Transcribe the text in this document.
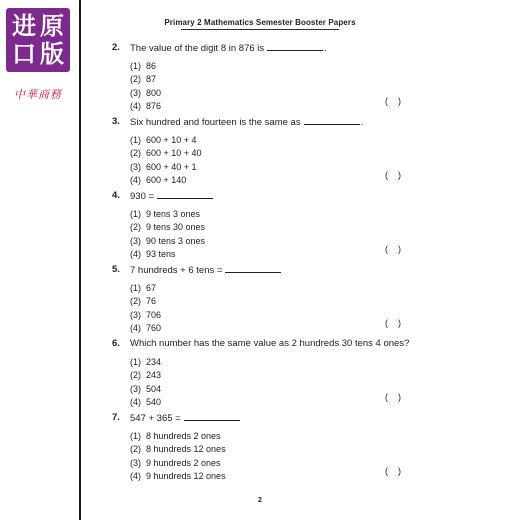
进 原
口 版
中華商務
Primary 2 Mathematics Semester Booster Papers
2. The value of the digit 8 in 876 is	.
(1) 86
(2) 87
(3) 800
(4) 876
(    )
3. Six hundred and fourteen is the same as	.
(1) 600 + 10 + 4
(2) 600 + 10 + 40
(3) 600 + 40 + 1
(4) 600 + 140
(    )
4. 930 =
(1) 9 tens 3 ones
(2) 9 tens 30 ones
(3) 90 tens 3 ones
(4) 93 tens
(    )
5. 7 hundreds + 6 tens =
(1) 67
(2) 76
(3) 706
(4) 760
(    )
6. Which number has the same value as 2 hundreds 30 tens 4 ones?
(1) 234
(2) 243
(3) 504
(4) 540
(    )
7. 547 + 365 =
(1) 8 hundreds 2 ones
(2) 8 hundreds 12 ones
(3) 9 hundreds 2 ones
(4) 9 hundreds 12 ones
(    )
2
